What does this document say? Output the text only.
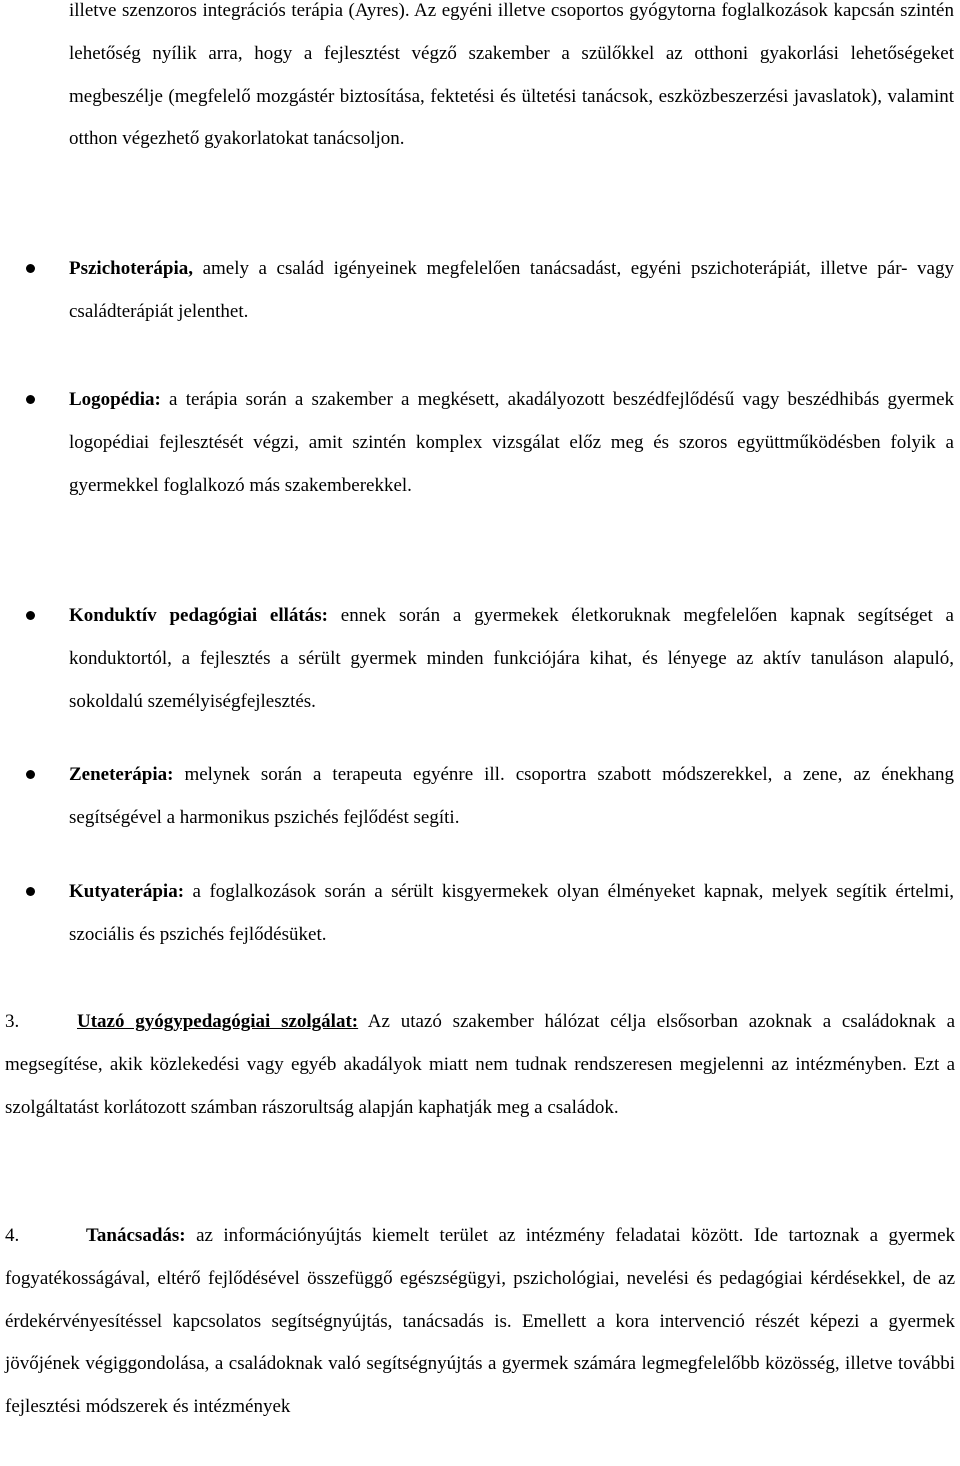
illetve szenzoros integrációs terápia (Ayres). Az egyéni illetve csoportos gyógytorna foglalkozások kapcsán szintén lehetőség nyílik arra, hogy a fejlesztést végző szakember a szülőkkel az otthoni gyakorlási lehetőségeket megbeszélje (megfelelő mozgástér biztosítása, fektetési és ültetési tanácsok, eszközbeszerzési javaslatok), valamint otthon végezhető gyakorlatokat tanácsoljon.

Pszichoterápia, amely a család igényeinek megfelelően tanácsadást, egyéni pszichoterápiát, illetve pár- vagy családterápiát jelenthet.
Logopédia: a terápia során a szakember a megkésett, akadályozott beszédfejlődésű vagy beszédhibás gyermek logopédiai fejlesztését végzi, amit szintén komplex vizsgálat előz meg és szoros együttműködésben folyik a gyermekkel foglalkozó más szakemberekkel.
Konduktív pedagógiai ellátás: ennek során a gyermekek életkoruknak megfelelően kapnak segítséget a konduktortól, a fejlesztés a sérült gyermek minden funkciójára kihat, és lényege az aktív tanuláson alapuló, sokoldalú személyiségfejlesztés.
Zeneterápia: melynek során a terapeuta egyénre ill. csoportra szabott módszerekkel, a zene, az énekhang segítségével a harmonikus pszichés fejlődést segíti.
Kutyaterápia: a foglalkozások során a sérült kisgyermekek olyan élményeket kapnak, melyek segítik értelmi, szociális és pszichés fejlődésüket.
3.	Utazó gyógypedagógiai szolgálat: Az utazó szakember hálózat célja elsősorban azoknak a családoknak a megsegítése, akik közlekedési vagy egyéb akadályok miatt nem tudnak rendszeresen megjelenni az intézményben. Ezt a szolgáltatást korlátozott számban rászorultság alapján kaphatják meg a családok.
4.	Tanácsadás: az információnyújtás kiemelt terület az intézmény feladatai között. Ide tartoznak a gyermek fogyatékosságával, eltérő fejlődésével összefüggő egészségügyi, pszichológiai, nevelési és pedagógiai kérdésekkel, de az érdekérvényesítéssel kapcsolatos segítségnyújtás, tanácsadás is. Emellett a kora intervenció részét képezi a gyermek jövőjének végiggondolása, a családoknak való segítségnyújtás a gyermek számára legmegfelelőbb közösség, illetve további fejlesztési módszerek és intézmények
